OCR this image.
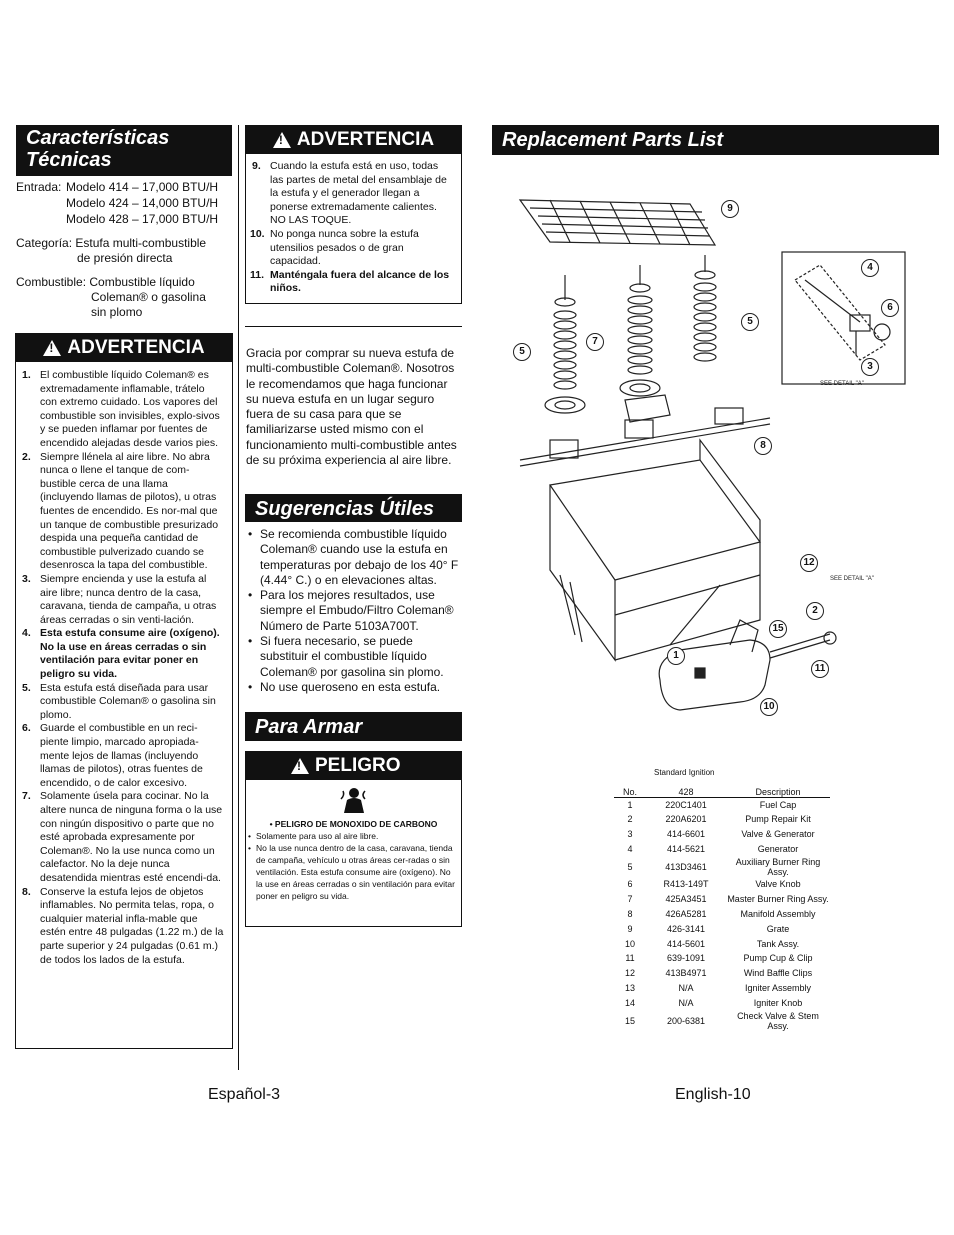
Características
Técnicas
Entrada: Modelo 414 – 17,000 BTU/H
Modelo 424 – 14,000 BTU/H
Modelo 428 – 17,000 BTU/H
Categoría: Estufa multi-combustible
de presión directa
Combustible: Combustible líquido
Coleman® o gasolina
sin plomo
!
ADVERTENCIA
1. El combustible líquido Coleman® es extremadamente inflamable, trátelo con extremo cuidado. Los vapores del combustible son invisibles, explo-sivos y se pueden inflamar por fuentes de encendido alejadas desde varios pies.
2. Siempre llénela al aire libre. No abra nunca o llene el tanque de com-bustible cerca de una llama (incluyendo llamas de pilotos), u otras fuentes de encendido. Es nor-mal que un tanque de combustible presurizado despida una pequeña cantidad de combustible pulverizado cuando se desenrosca la tapa del combustible.
3. Siempre encienda y use la estufa al aire libre; nunca dentro de la casa, caravana, tienda de campaña, u otras áreas cerradas o sin venti-lación.
4. Esta estufa consume aire (oxígeno). No la use en áreas cerradas o sin ventilación para evitar poner en peligro su vida.
5. Esta estufa está diseñada para usar combustible Coleman® o gasolina sin plomo.
6. Guarde el combustible en un reci-piente limpio, marcado apropiada-mente lejos de llamas (incluyendo llamas de pilotos), otras fuentes de encendido, o de calor excesivo.
7. Solamente úsela para cocinar. No la altere nunca de ninguna forma o la use con ningún dispositivo o parte que no esté aprobada expresamente por Coleman®. No la use nunca como un calefactor. No la deje nunca desatendida mientras esté encendi-da.
8. Conserve la estufa lejos de objetos inflamables. No permita telas, ropa, o cualquier material infla-mable que estén entre 48 pulgadas (1.22 m.) de la parte superior y 24 pulgadas (0.61 m.) de todos los lados de la estufa.
!
ADVERTENCIA
9. Cuando la estufa está en uso, todas las partes de metal del ensamblaje de la estufa y el generador llegan a ponerse extremadamente calientes. NO LAS TOQUE.
10. No ponga nunca sobre la estufa utensilios pesados o de gran capacidad.
11. Manténgala fuera del alcance de los niños.

Gracia por comprar su nueva estufa de multi-combustible Coleman®. Nosotros le recomendamos que haga funcionar su nueva estufa en un lugar seguro fuera de su casa para que se familiarizarse usted mismo con el funcionamiento multi-combustible antes de su próxima experiencia al aire libre.

Sugerencias Útiles
• Se recomienda combustible líquido Coleman® cuando use la estufa en temperaturas por debajo de los 40° F (4.44° C.) o en elevaciones altas.
• Para los mejores resultados, use siempre el Embudo/Filtro Coleman® Número de Parte 5103A700T.
• Si fuera necesario, se puede substituir el combustible líquido Coleman® por gasolina sin plomo.
• No use queroseno en esta estufa.
Para Armar
!
PELIGRO
• PELIGRO DE MONOXIDO DE CARBONO
• Solamente para uso al aire libre.
• No la use nunca dentro de la casa, caravana, tienda de campaña, vehículo u otras áreas cer-radas o sin ventilación. Esta estufa consume aire (oxígeno). No la use en áreas cerradas o sin ventilación para evitar poner en peligro su vida.
Replacement Parts List
SEE DETAIL "A"
SEE DETAIL "A"
9
5
7
5
8
4
6
3
12
2
15
11
1
10
Standard Ignition
No.	428	Description
1	220C1401	Fuel Cap
2	220A6201	Pump Repair Kit
3	414-6601	Valve & Generator
4	414-5621	Generator
5	413D3461	Auxiliary Burner Ring Assy.
6	R413-149T	Valve Knob
7	425A3451	Master Burner Ring Assy.
8	426A5281	Manifold Assembly
9	426-3141	Grate
10	414-5601	Tank Assy.
11	639-1091	Pump Cup & Clip
12	413B4971	Wind Baffle Clips
13	N/A	Igniter Assembly
14	N/A	Igniter Knob
15	200-6381	Check Valve & Stem Assy.
Español-3	English-10
